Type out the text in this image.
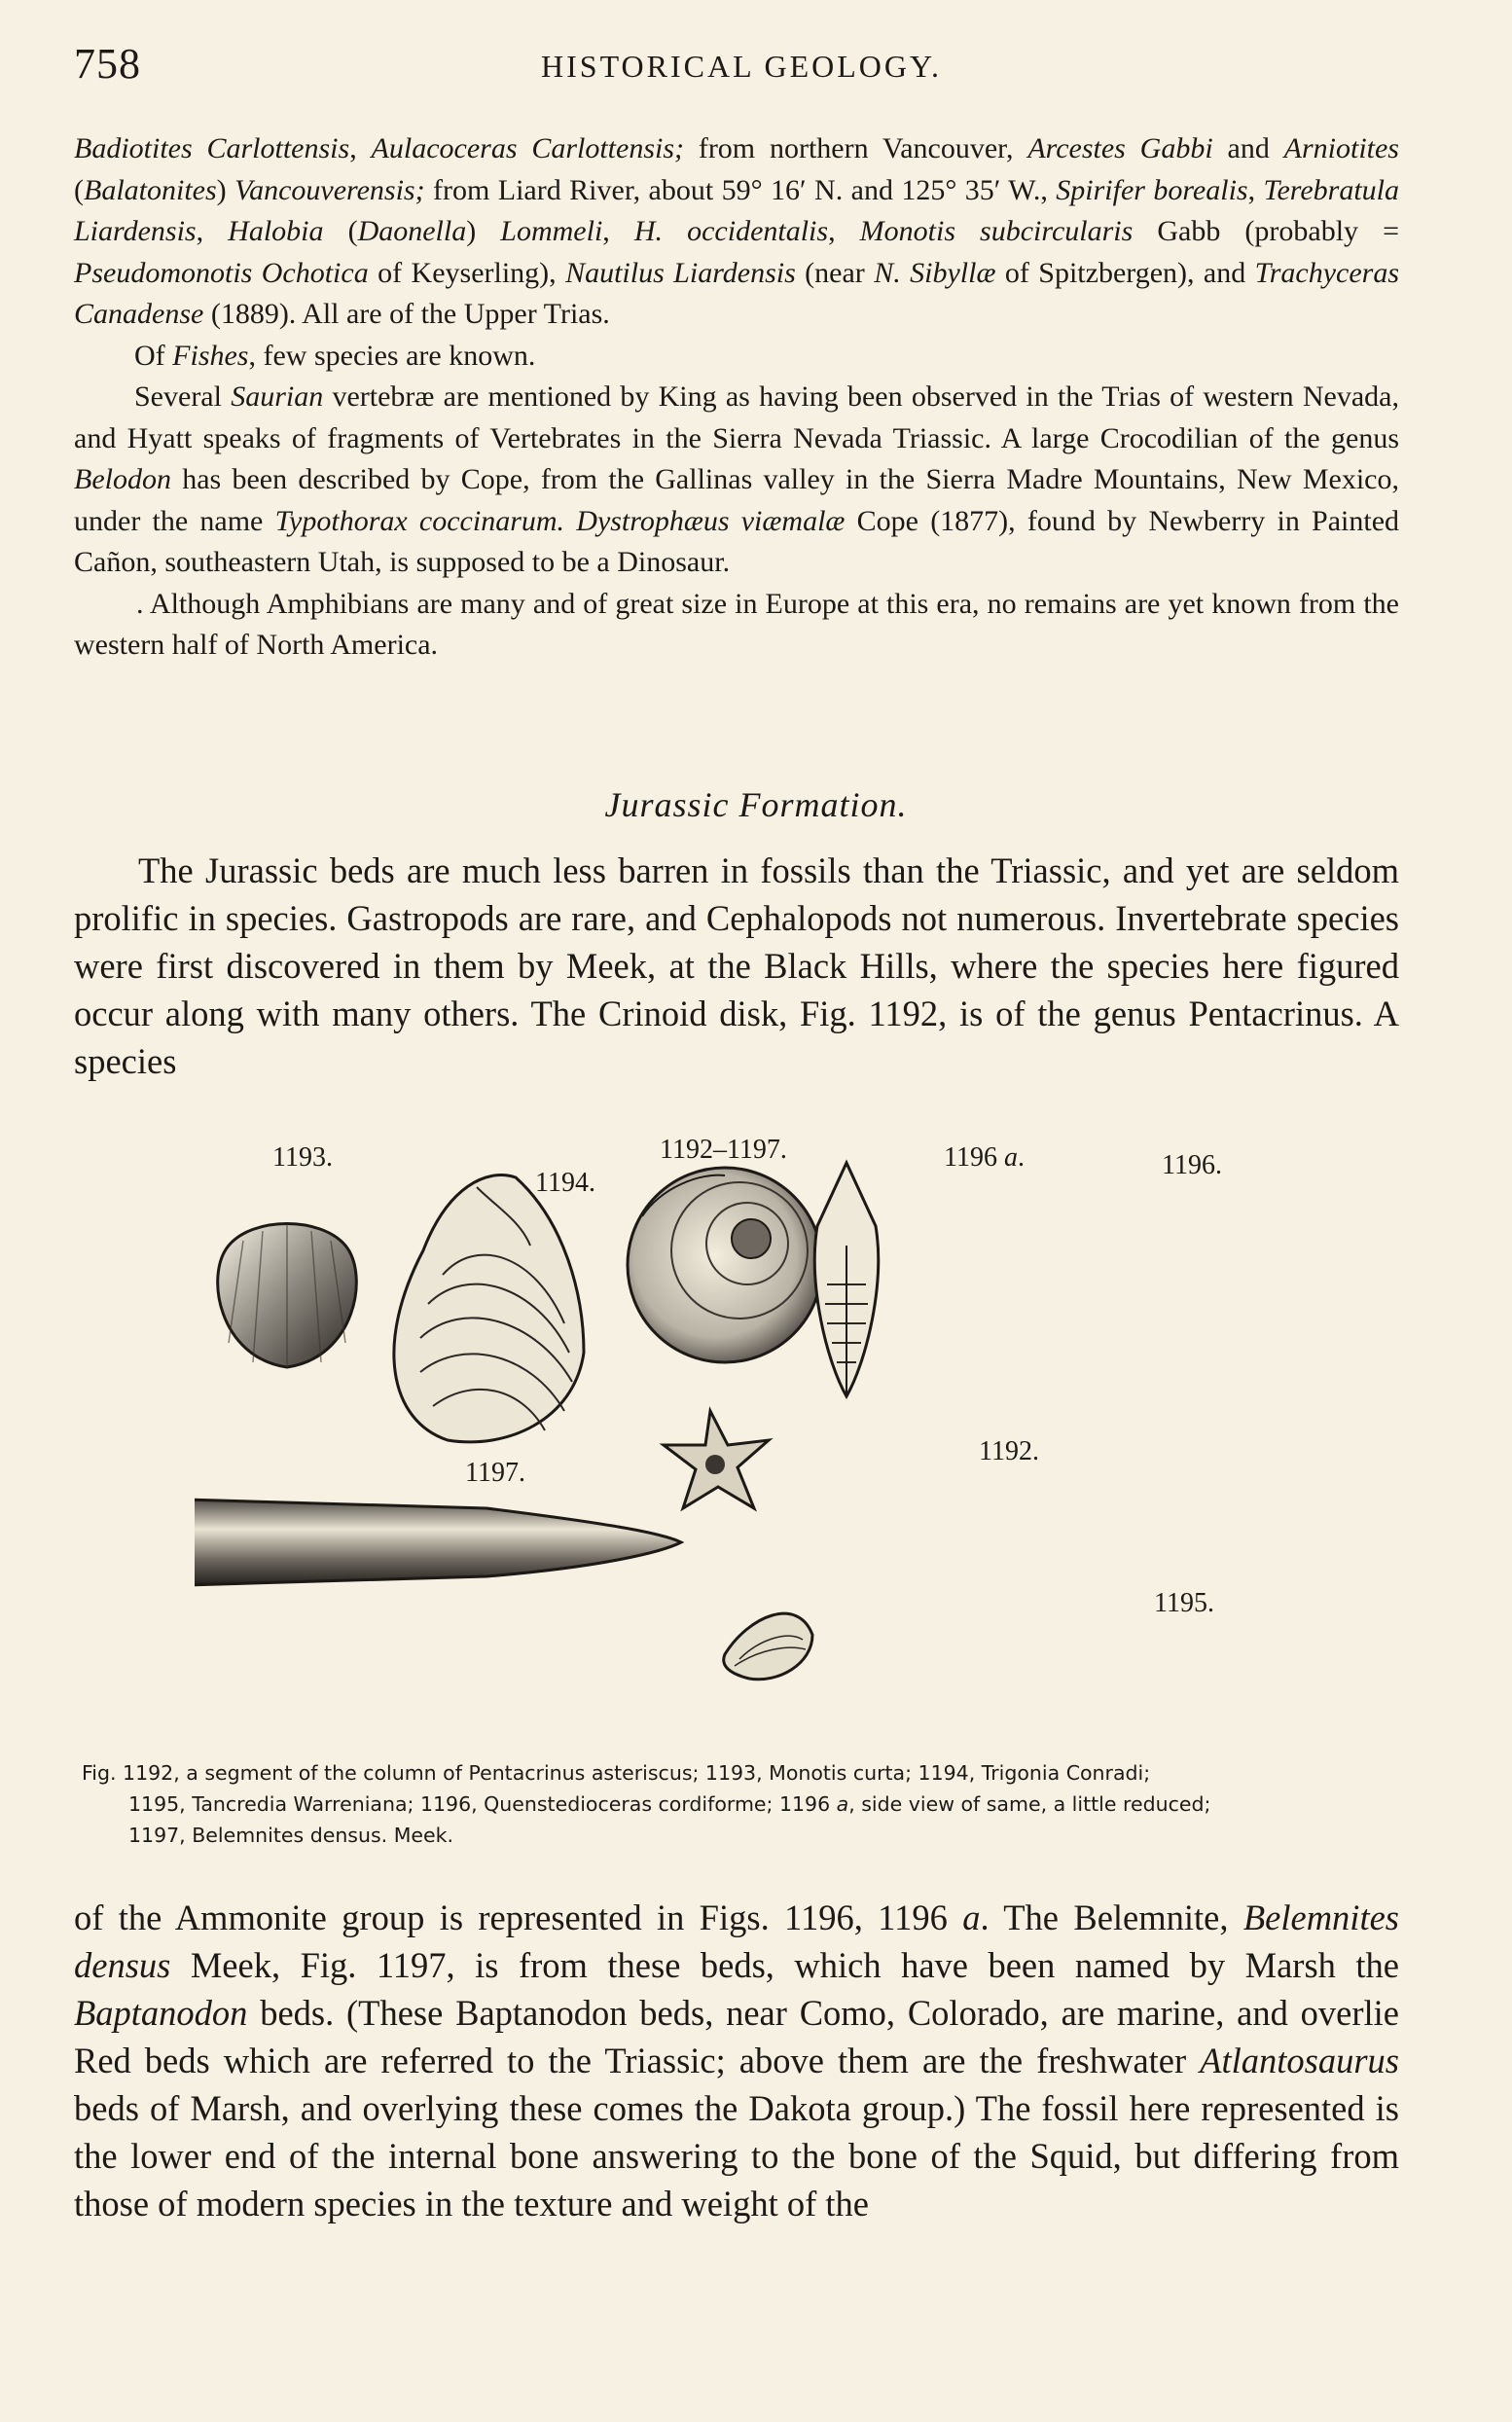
758	HISTORICAL GEOLOGY.

Badiotites Carlottensis, Aulacoceras Carlottensis; from northern Vancouver, Arcestes Gabbi and Arniotites (Balatonites) Vancouverensis; from Liard River, about 59° 16′ N. and 125° 35′ W., Spirifer borealis, Terebratula Liardensis, Halobia (Daonella) Lommeli, H. occidentalis, Monotis subcircularis Gabb (probably = Pseudomonotis Ochotica of Keyserling), Nautilus Liardensis (near N. Sibyllæ of Spitzbergen), and Trachyceras Canadense (1889). All are of the Upper Trias.

Of Fishes, few species are known.

Several Saurian vertebræ are mentioned by King as having been observed in the Trias of western Nevada, and Hyatt speaks of fragments of Vertebrates in the Sierra Nevada Triassic. A large Crocodilian of the genus Belodon has been described by Cope, from the Gallinas valley in the Sierra Madre Mountains, New Mexico, under the name Typothorax coccinarum. Dystrophæus viæmalæ Cope (1877), found by Newberry in Painted Cañon, southeastern Utah, is supposed to be a Dinosaur.

. Although Amphibians are many and of great size in Europe at this era, no remains are yet known from the western half of North America.

Jurassic Formation.

The Jurassic beds are much less barren in fossils than the Triassic, and yet are seldom prolific in species. Gastropods are rare, and Cephalopods not numerous. Invertebrate species were first discovered in them by Meek, at the Black Hills, where the species here figured occur along with many others. The Crinoid disk, Fig. 1192, is of the genus Pentacrinus. A species

1193.
1194.
1192–1197.	1196 a.	1196.
1197.
1192.
1195.
Fig. 1192, a segment of the column of Pentacrinus asteriscus; 1193, Monotis curta; 1194, Trigonia Conradi;
1195, Tancredia Warreniana; 1196, Quenstedioceras cordiforme; 1196 a, side view of same, a little reduced;
1197, Belemnites densus. Meek.

of the Ammonite group is represented in Figs. 1196, 1196 a. The Belemnite, Belemnites densus Meek, Fig. 1197, is from these beds, which have been named by Marsh the Baptanodon beds. (These Baptanodon beds, near Como, Colorado, are marine, and overlie Red beds which are referred to the Triassic; above them are the freshwater Atlantosaurus beds of Marsh, and overlying these comes the Dakota group.) The fossil here represented is the lower end of the internal bone answering to the bone of the Squid, but differing from those of modern species in the texture and weight of the
